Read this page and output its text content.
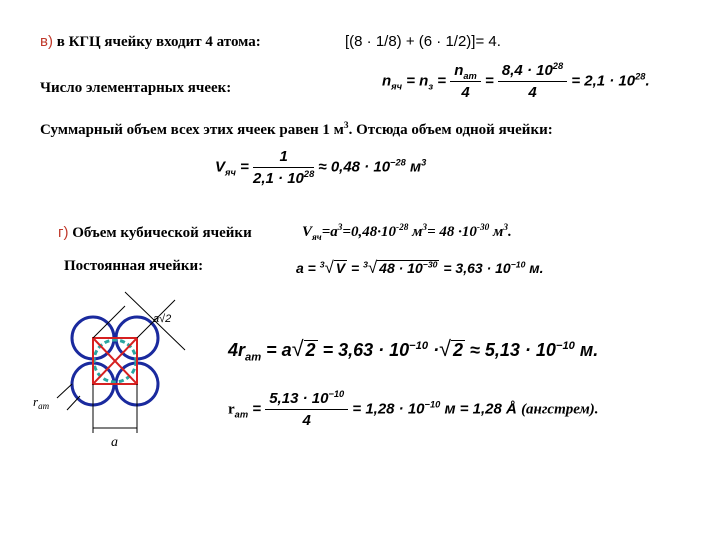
в) в КГЦ ячейку входит 4 атома:	[(8 · 1/8) + (6 · 1/2)]= 4.
Число элементарных ячеек:	$n_{яч} = n_з = \frac{n_{ат}}{4} = \frac{8,4 \cdot 10^{28}}{4} = 2,1 \cdot 10^{28}$.
Суммарный объем всех этих ячеек равен 1 $м^3$. Отсюда объем одной ячейки:
$V_{яч} = \frac{1}{2,1 \cdot 10^{28}} \approx 0,48 \cdot 10^{-28}$ $м^3$
г) Объем кубической ячейки	$V_{яч}=a^3=0,48\cdot 10^{-28}$ $м^3= 48 \cdot 10^{-30}$ $м^3$.
Постоянная ячейки:	a = $^3$√ V = $^3$√ $48 \cdot 10^{-30} = 3,63 \cdot 10^{-10}$ м.
a√2
$r_{ат}$
a
$4r_{ат} = a√$ $2 = 3,63 \cdot 10^{-10}$ ·√ $2 \approx 5,13 \cdot 10^{-10}$ м.
$r_{ат} = \frac{5,13 \cdot 10^{-10}}{4} = 1,28 \cdot 10^{-10}$ м = 1,28 Å (ангстрем).
